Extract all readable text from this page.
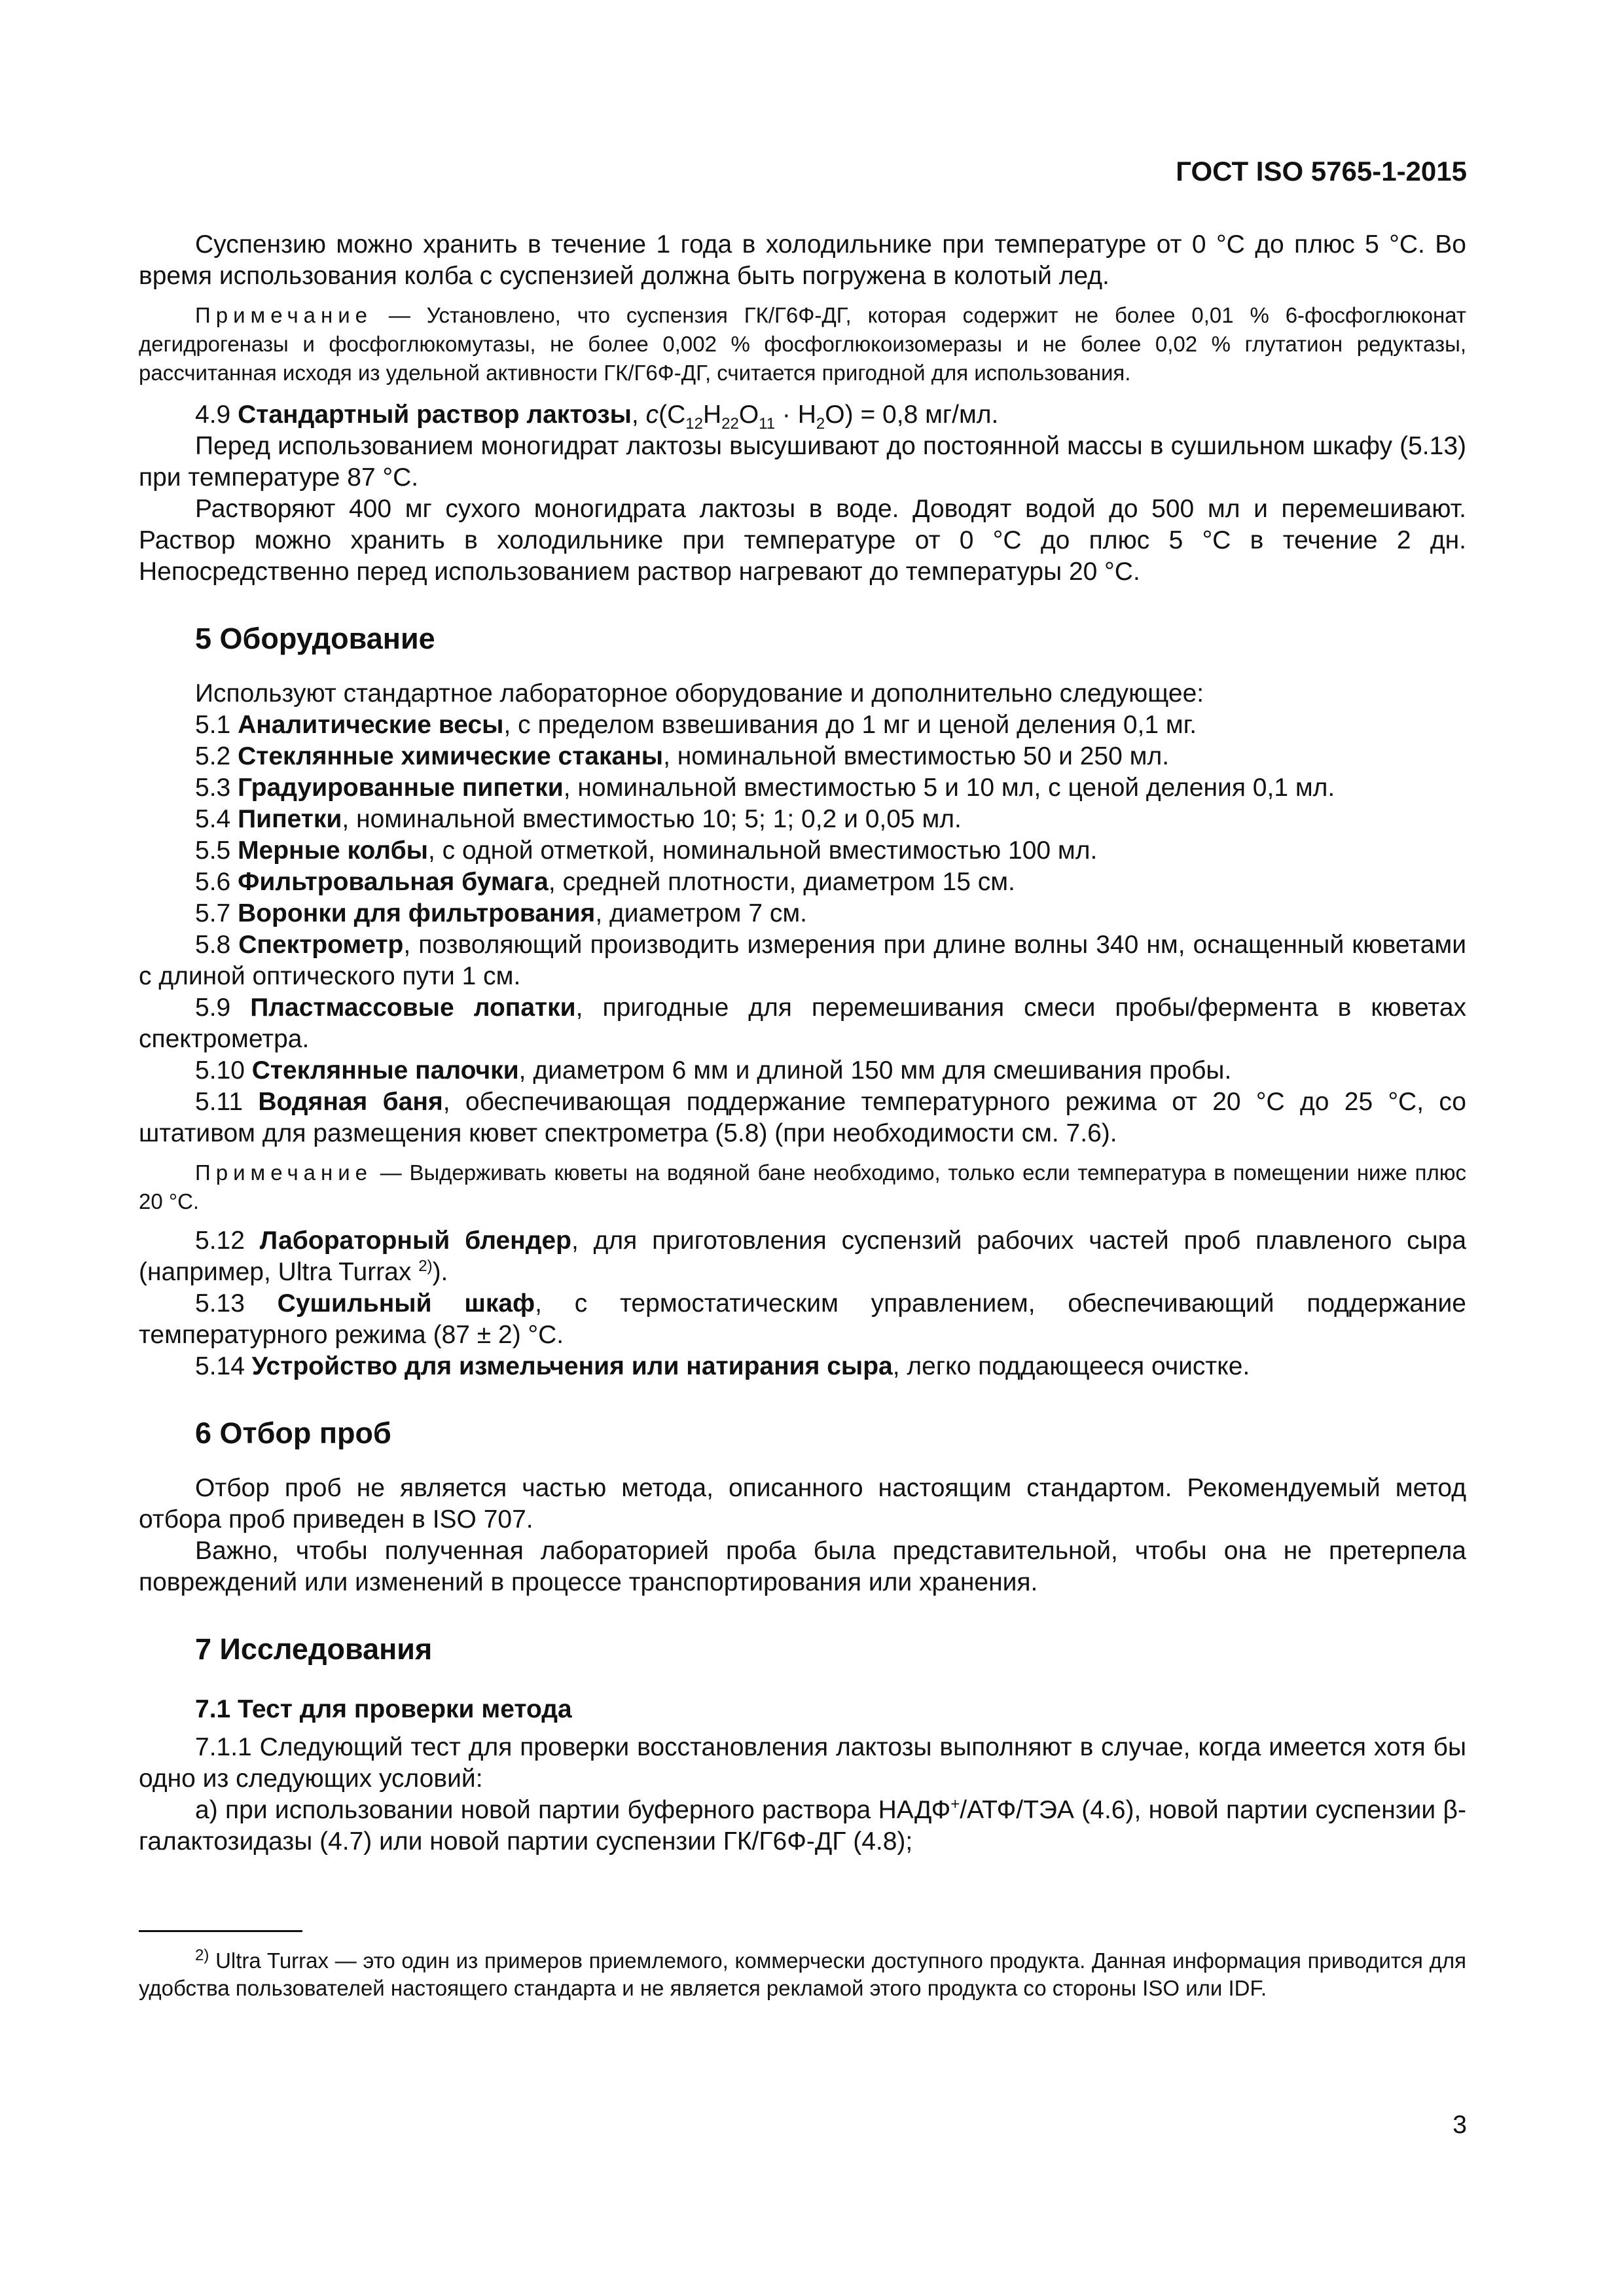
ГОСТ ISO 5765-1-2015

Суспензию можно хранить в течение 1 года в холодильнике при температуре от 0 °С до плюс 5 °С. Во время использования колба с суспензией должна быть погружена в колотый лед.

Примечание — Установлено, что суспензия ГК/Г6Ф-ДГ, которая содержит не более 0,01 % 6-фосфоглюконат дегидрогеназы и фосфоглюкомутазы, не более 0,002 % фосфоглюкоизомеразы и не более 0,02 % глутатион редуктазы, рассчитанная исходя из удельной активности ГК/Г6Ф-ДГ, считается пригодной для использования.

4.9 Стандартный раствор лактозы, $c(C_{12}H_{22}O_{11} \cdot H_2O) = 0,8$ мг/мл.

Перед использованием моногидрат лактозы высушивают до постоянной массы в сушильном шкафу (5.13) при температуре 87 °С.

Растворяют 400 мг сухого моногидрата лактозы в воде. Доводят водой до 500 мл и перемешивают. Раствор можно хранить в холодильнике при температуре от 0 °С до плюс 5 °С в течение 2 дн. Непосредственно перед использованием раствор нагревают до температуры 20 °С.

5 Оборудование

Используют стандартное лабораторное оборудование и дополнительно следующее:

5.1 Аналитические весы, с пределом взвешивания до 1 мг и ценой деления 0,1 мг.

5.2 Стеклянные химические стаканы, номинальной вместимостью 50 и 250 мл.

5.3 Градуированные пипетки, номинальной вместимостью 5 и 10 мл, с ценой деления 0,1 мл.

5.4 Пипетки, номинальной вместимостью 10; 5; 1; 0,2 и 0,05 мл.

5.5 Мерные колбы, с одной отметкой, номинальной вместимостью 100 мл.

5.6 Фильтровальная бумага, средней плотности, диаметром 15 см.

5.7 Воронки для фильтрования, диаметром 7 см.

5.8 Спектрометр, позволяющий производить измерения при длине волны 340 нм, оснащенный кюветами с длиной оптического пути 1 см.

5.9 Пластмассовые лопатки, пригодные для перемешивания смеси пробы/фермента в кюветах спектрометра.

5.10 Стеклянные палочки, диаметром 6 мм и длиной 150 мм для смешивания пробы.

5.11 Водяная баня, обеспечивающая поддержание температурного режима от 20 °С до 25 °С, со штативом для размещения кювет спектрометра (5.8) (при необходимости см. 7.6).

Примечание — Выдерживать кюветы на водяной бане необходимо, только если температура в помещении ниже плюс 20 °С.

5.12 Лабораторный блендер, для приготовления суспензий рабочих частей проб плавленого сыра (например, Ultra Turrax $^{2)}$).

5.13 Сушильный шкаф, с термостатическим управлением, обеспечивающий поддержание температурного режима (87 ± 2) °С.

5.14 Устройство для измельчения или натирания сыра, легко поддающееся очистке.

6 Отбор проб

Отбор проб не является частью метода, описанного настоящим стандартом. Рекомендуемый метод отбора проб приведен в ISO 707.

Важно, чтобы полученная лабораторией проба была представительной, чтобы она не претерпела повреждений или изменений в процессе транспортирования или хранения.

7 Исследования
7.1 Тест для проверки метода

7.1.1 Следующий тест для проверки восстановления лактозы выполняют в случае, когда имеется хотя бы одно из следующих условий:

а) при использовании новой партии буферного раствора НАДФ+/АТФ/ТЭА (4.6), новой партии суспензии β-галактозидазы (4.7) или новой партии суспензии ГК/Г6Ф-ДГ (4.8);

$^{2)}$ Ultra Turrax — это один из примеров приемлемого, коммерчески доступного продукта. Данная информация приводится для удобства пользователей настоящего стандарта и не является рекламой этого продукта со стороны ISO или IDF.

3
